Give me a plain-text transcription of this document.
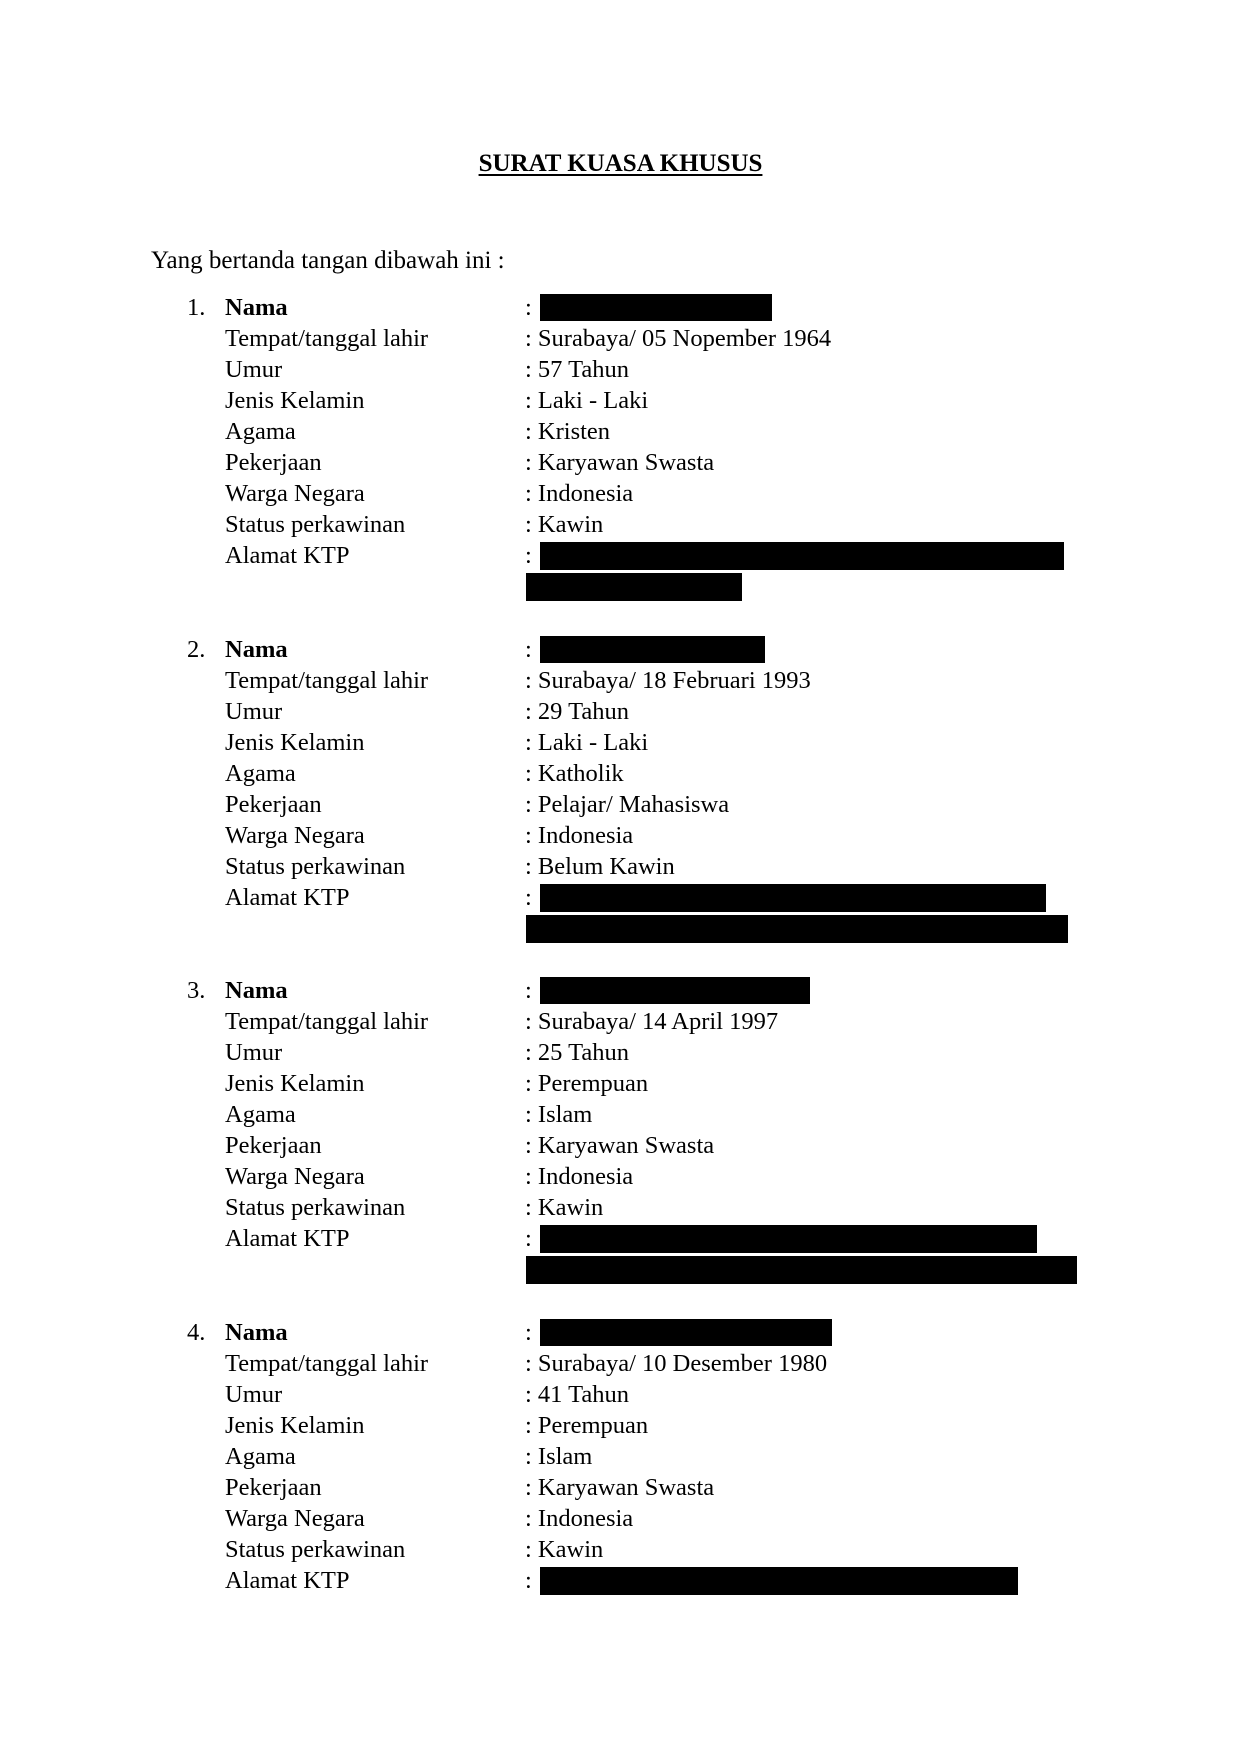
SURAT KUASA KHUSUS
Yang bertanda tangan dibawah ini :
1. Nama	:
Tempat/tanggal lahir	: Surabaya/ 05 Nopember 1964
Umur	: 57 Tahun
Jenis Kelamin	: Laki - Laki
Agama	: Kristen
Pekerjaan	: Karyawan Swasta
Warga Negara	: Indonesia
Status perkawinan	: Kawin
Alamat KTP	:
2. Nama	:
Tempat/tanggal lahir	: Surabaya/ 18 Februari 1993
Umur	: 29 Tahun
Jenis Kelamin	: Laki - Laki
Agama	: Katholik
Pekerjaan	: Pelajar/ Mahasiswa
Warga Negara	: Indonesia
Status perkawinan	: Belum Kawin
Alamat KTP	:
3. Nama	:
Tempat/tanggal lahir	: Surabaya/ 14 April 1997
Umur	: 25 Tahun
Jenis Kelamin	: Perempuan
Agama	: Islam
Pekerjaan	: Karyawan Swasta
Warga Negara	: Indonesia
Status perkawinan	: Kawin
Alamat KTP	:
4. Nama	:
Tempat/tanggal lahir	: Surabaya/ 10 Desember 1980
Umur	: 41 Tahun
Jenis Kelamin	: Perempuan
Agama	: Islam
Pekerjaan	: Karyawan Swasta
Warga Negara	: Indonesia
Status perkawinan	: Kawin
Alamat KTP	:
